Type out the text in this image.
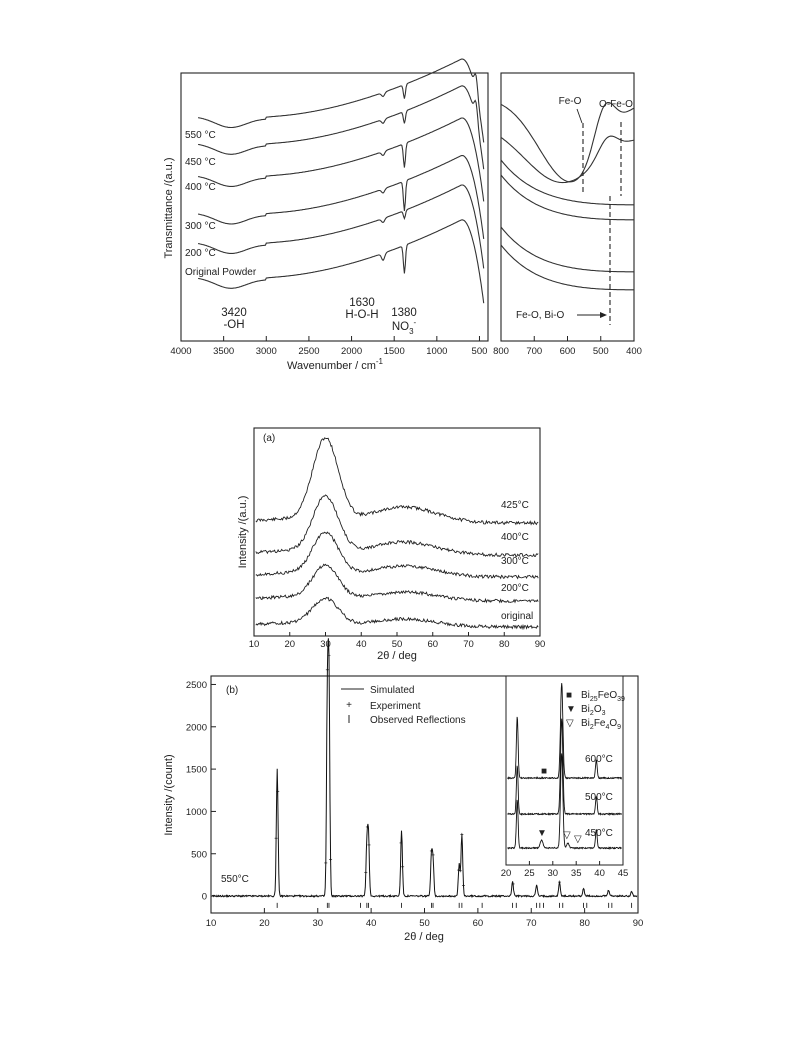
4000 3500 3000 2500 2000 1500 1000	500
550 °C
450 °C
400 °C
300 °C
200 °C
Original Powder
Wavenumber / $cm^{-1}$
Transmittance /(a.u.)
3420
-OH
1630
H-O-H 1380
$NO_3^-$
800 700 600 500 400
Fe-O O-Fe-O
Fe-O, Bi-O
(a)
10	20	30	40	50	60	70	80	90
425°C
400°C
300°C
200°C
original
2θ / deg
Intensity /(a.u.)
(b)
10	20	30	40	50	60	70	80	90
0
500
1000
1500
2000
2500
550°C
Simulated
+ Experiment
Observed Reflections
2θ / deg
Intensity /(count)
20 25 30 35 40 45
600°C
500°C
450°C
■ $Bi_{25}FeO_{39}$
▼ $Bi_2O_3$
▽ $Bi_2Fe_4O_9$
■
▼ ▽ ▽
